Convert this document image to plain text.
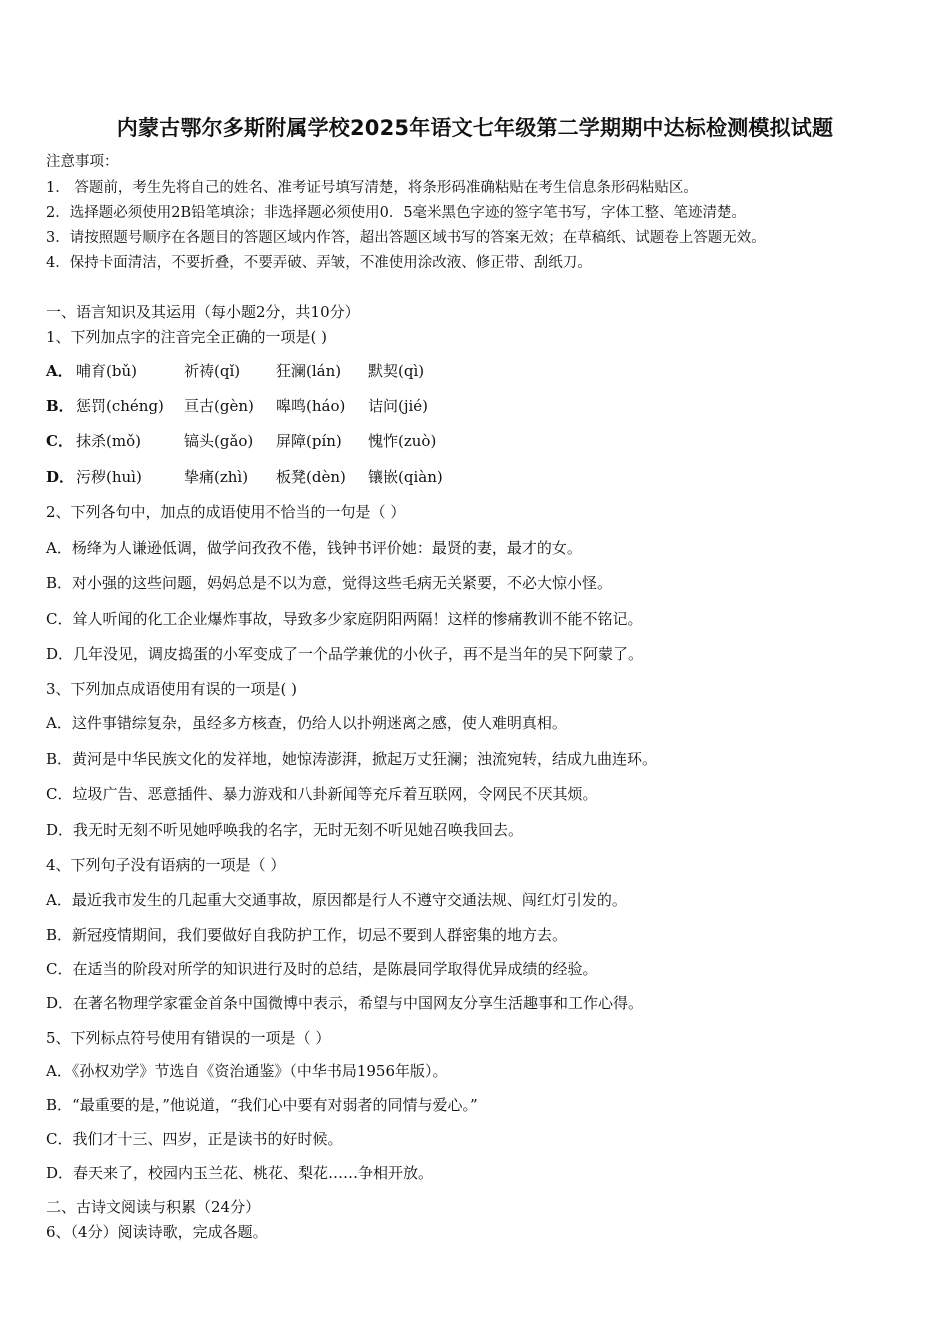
内蒙古鄂尔多斯附属学校2025年语文七年级第二学期期中达标检测模拟试题
注意事项：
1． 答题前，考生先将自己的姓名、准考证号填写清楚，将条形码准确粘贴在考生信息条形码粘贴区。
2．选择题必须使用2B铅笔填涂；非选择题必须使用0．5毫米黑色字迹的签字笔书写，字体工整、笔迹清楚。
3．请按照题号顺序在各题目的答题区域内作答，超出答题区域书写的答案无效；在草稿纸、试题卷上答题无效。
4．保持卡面清洁，不要折叠，不要弄破、弄皱，不准使用涂改液、修正带、刮纸刀。
一、语言知识及其运用（每小题2分，共10分）
1、下列加点字的注音完全正确的一项是( )
A． 哺育(bǔ)	祈祷(qǐ) 狂澜(lán) 默契(qì)
B． 惩罚(chéng) 亘古(gèn) 嗥鸣(háo) 诘问(jié)
C． 抹杀(mǒ)	镐头(gǎo) 屏障(pín) 愧怍(zuò)
D． 污秽(huì)	挚痛(zhì) 板凳(dèn) 镶嵌(qiàn)
2、下列各句中，加点的成语使用不恰当的一句是（ ）
A．杨绛为人谦逊低调，做学问孜孜不倦，钱钟书评价她：最贤的妻，最才的女。
B．对小强的这些问题，妈妈总是不以为意，觉得这些毛病无关紧要，不必大惊小怪。
C．耸人听闻的化工企业爆炸事故，导致多少家庭阴阳两隔！这样的惨痛教训不能不铭记。
D．几年没见，调皮捣蛋的小军变成了一个品学兼优的小伙子，再不是当年的吴下阿蒙了。
3、下列加点成语使用有误的一项是( )
A．这件事错综复杂，虽经多方核查，仍给人以扑朔迷离之感，使人难明真相。
B．黄河是中华民族文化的发祥地，她惊涛澎湃，掀起万丈狂澜；浊流宛转，结成九曲连环。
C．垃圾广告、恶意插件、暴力游戏和八卦新闻等充斥着互联网，令网民不厌其烦。
D．我无时无刻不听见她呼唤我的名字，无时无刻不听见她召唤我回去。
4、下列句子没有语病的一项是（ ）
A．最近我市发生的几起重大交通事故，原因都是行人不遵守交通法规、闯红灯引发的。
B．新冠疫情期间，我们要做好自我防护工作，切忌不要到人群密集的地方去。
C．在适当的阶段对所学的知识进行及时的总结，是陈晨同学取得优异成绩的经验。
D．在著名物理学家霍金首条中国微博中表示，希望与中国网友分享生活趣事和工作心得。
5、下列标点符号使用有错误的一项是（ ）
A．《孙权劝学》节选自《资治通鉴》（中华书局1956年版）。
B．“最重要的是，”他说道，“我们心中要有对弱者的同情与爱心。”
C．我们才十三、四岁，正是读书的好时候。
D．春天来了，校园内玉兰花、桃花、梨花……争相开放。
二、古诗文阅读与积累（24分）
6、（4分）阅读诗歌，完成各题。
